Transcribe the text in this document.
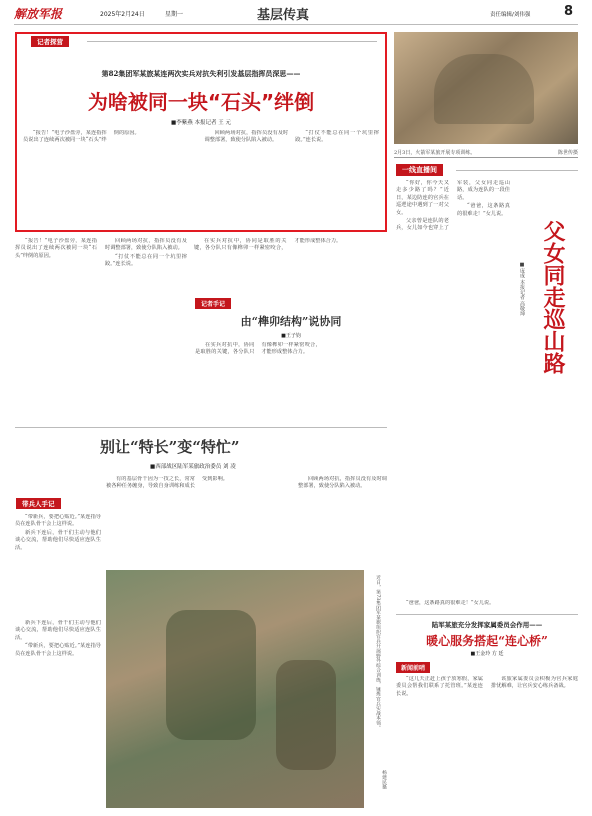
解放军报	2025年2月24日	星期一	基层传真	责任编辑/刘伟强	8
记者探营
第82集团军某旅某连两次实兵对抗失利引发基层指挥员深思——
为啥被同一块“石头”绊倒
■李紫燕 本报记者 王 元

“报告！”电子沙盘旁，某连指挥员说出了连续两次被同一块“石头”绊倒的原因。	回顾两场对抗，指挥员没有及时调整部署，致使分队陷入被动。

“打仗不能总在同一个坑里摔跤。”连长说。

2月3日，火箭军某旅开展专项训练。	陈世传摄

“报告！”电子沙盘旁，某连指挥员说出了连续两次被同一块“石头”绊倒的原因。

回顾两场对抗，指挥员没有及时调整部署，致使分队陷入被动。

“打仗不能总在同一个坑里摔跤。”连长说。

在实兵对抗中，协同是取胜的关键，各分队只有像榫卯一样紧密咬合，才能形成整体合力。

记者手记
由“榫卯结构”说协同
■王子钧

在实兵对抗中，协同是取胜的关键，各分队只有像榫卯一样紧密咬合，才能形成整体合力。

别让“特长”变“特忙”
■西部战区陆军某旅政治委员 刘 凌

有的基层骨干因为一技之长，常常被各种任务缠身，导致自身训练和成长受到影响。	回顾两场对抗，指挥员没有及时调整部署，致使分队陷入被动。

带兵人手记

“带新兵，要把心贴近。”某连指导员在连队骨干会上这样说。

新兵下连后，骨干们主动与他们谈心交流，帮助他们尽快适应连队生活。

近日，第73集团军某旅组织官兵开展野外综合训练，锤炼官兵实战本领。
杨建民摄

新兵下连后，骨干们主动与他们谈心交流，帮助他们尽快适应连队生活。

“带新兵，要把心贴近。”某连指导员在连队骨干会上这样说。

一线直播间

“你好，你今天又走多少路了吗？”近日，某边防连的官兵在巡逻途中遇到了一对父女。

父亲曾是连队的老兵，女儿如今也穿上了军装，父女同走巡山路，成为连队的一段佳话。

“爸爸，这条路真的很难走！”女儿说。

父女同走巡山路
■庞成 本报记者 高敬坤

“爸爸，这条路真的很难走！”女儿说。

陆军某旅充分发挥家属委员会作用——
暖心服务搭起“连心桥”
■王金玲 方 廷
新闻前哨

“这几天正赶上孩子放寒假，家属委员会帮我们联系了托管班。”某连连长说。

该旅家属委员会积极为官兵家庭排忧解难，让官兵安心练兵备战。
